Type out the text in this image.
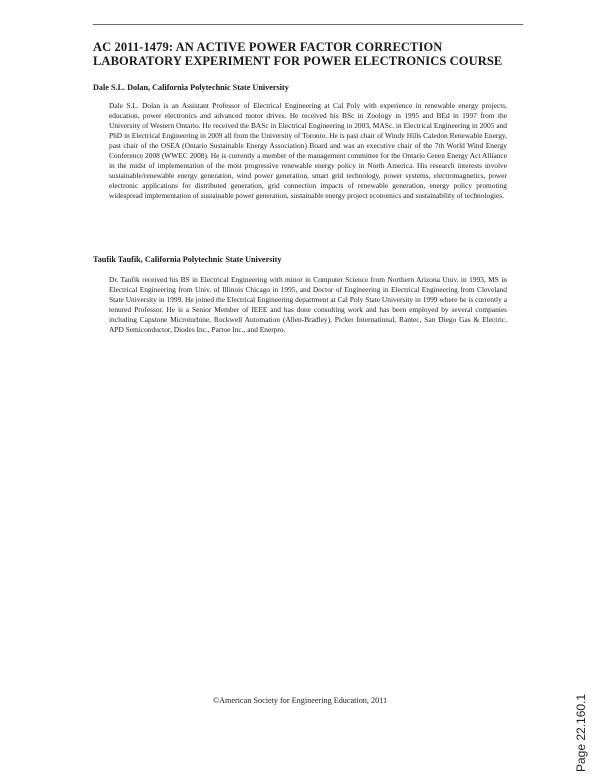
AC 2011-1479: AN ACTIVE POWER FACTOR CORRECTION LABORATORY EXPERIMENT FOR POWER ELECTRONICS COURSE

Dale S.L. Dolan, California Polytechnic State University

Dale S.L. Dolan is an Assistant Professor of Electrical Engineering at Cal Poly with experience in renewable energy projects, education, power electronics and advanced motor drives. He received his BSc in Zoology in 1995 and BEd in 1997 from the University of Western Ontario. He received the BASc in Electrical Engineering in 2003, MASc. in Electrical Engineering in 2005 and PhD in Electrical Engineering in 2009 all from the University of Toronto. He is past chair of Windy Hills Caledon Renewable Energy, past chair of the OSEA (Ontario Sustainable Energy Association) Board and was an executive chair of the 7th World Wind Energy Conference 2008 (WWEC 2008). He is currently a member of the management committee for the Ontario Green Energy Act Alliance in the midst of implementation of the most progressive renewable energy policy in North America. His research interests involve sustainable/renewable energy generation, wind power generation, smart grid technology, power systems, electromagnetics, power electronic applications for distributed generation, grid connection impacts of renewable generation, energy policy promoting widespread implementation of sustainable power generation, sustainable energy project economics and sustainability of technologies.

Taufik Taufik, California Polytechnic State University

Dr. Taufik received his BS in Electrical Engineering with minor in Computer Science from Northern Arizona Univ. in 1993, MS in Electrical Engineering from Univ. of Illinois Chicago in 1995, and Doctor of Engineering in Electrical Engineering from Cleveland State University in 1999. He joined the Electrical Engineering department at Cal Poly State University in 1999 where he is currently a tenured Professor. He is a Senior Member of IEEE and has done consulting work and has been employed by several companies including Capstone Microturbine, Rockwell Automation (Allen-Bradley), Picker International, Rantec, San Diego Gas & Electric, APD Semiconductor, Diodes Inc., Partoe Inc., and Enerpro.

©American Society for Engineering Education, 2011	Page 22.160.1
